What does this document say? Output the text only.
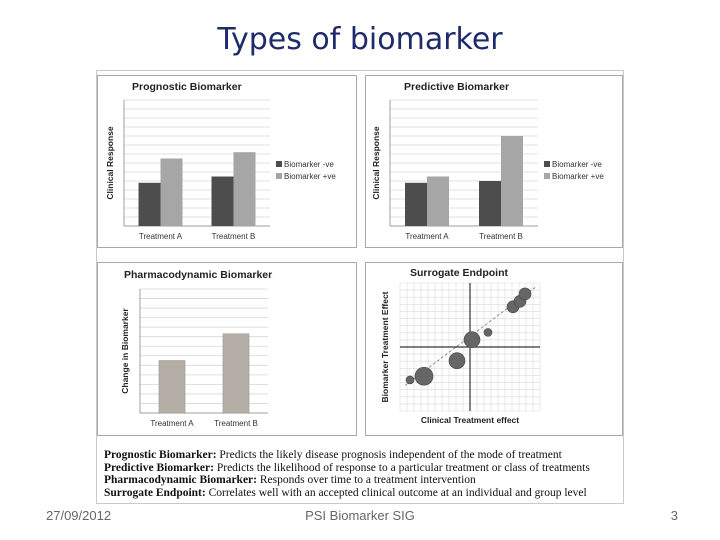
Types of biomarker
Prognostic Biomarker
Clinical Response
Treatment A	Treatment B
Biomarker -ve
Biomarker +ve
Predictive Biomarker
Clinical Response
Treatment A	Treatment B
Biomarker -ve
Biomarker +ve
Pharmacodynamic Biomarker
Change in Biomarker
Treatment A	Treatment B
Surrogate Endpoint
Biomarker Treatment Effect
Clinical Treatment effect
Prognostic Biomarker: Predicts the likely disease prognosis independent of the mode of treatment
Predictive Biomarker: Predicts the likelihood of response to a particular treatment or class of treatments
Pharmacodynamic Biomarker: Responds over time to a treatment intervention
Surrogate Endpoint: Correlates well with an accepted clinical outcome at an individual and group level
27/09/2012	PSI Biomarker SIG	3
